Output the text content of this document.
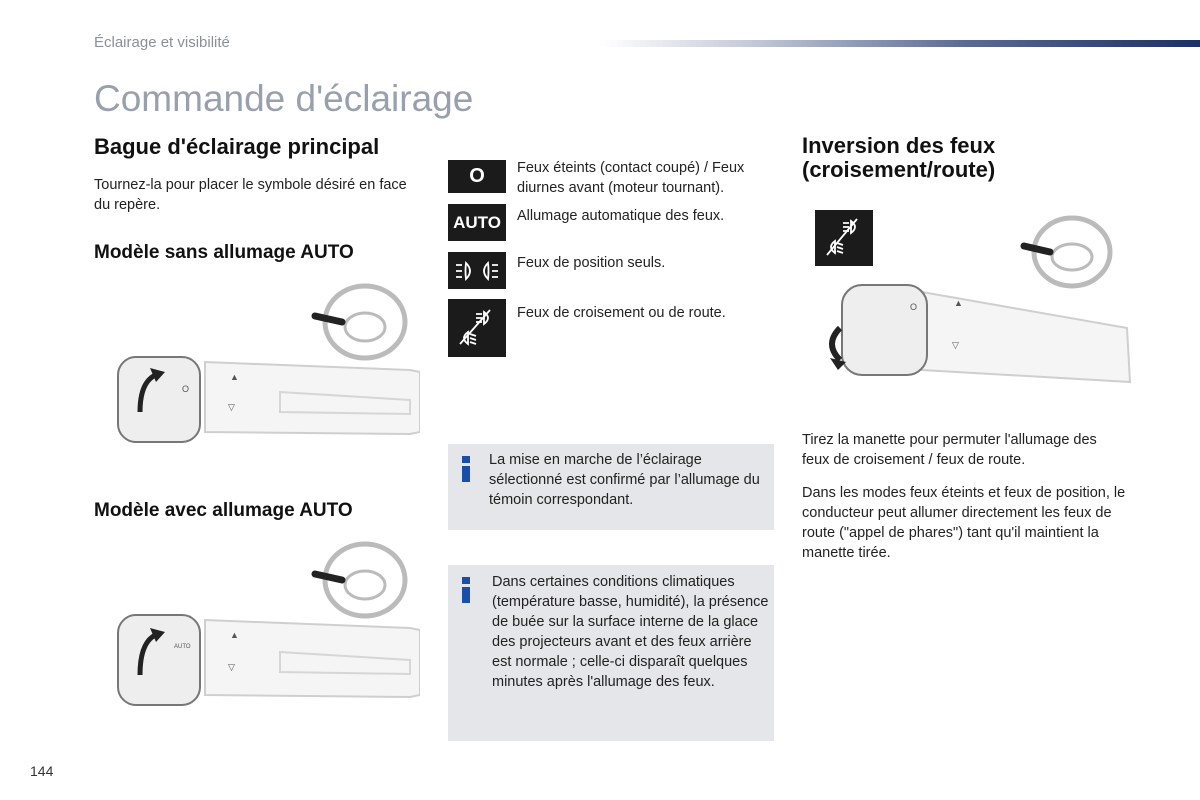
Éclairage et visibilité
Commande d'éclairage
Bague d'éclairage principal

Tournez-la pour placer le symbole désiré en face du repère.

Modèle sans allumage AUTO
O
▲
▽
Modèle avec allumage AUTO
AUTO
▲
▽
O Feux éteints (contact coupé) / Feux diurnes avant (moteur tournant).

AUTO Allumage automatique des feux.

Feux de position seuls.

Feux de croisement ou de route.

La mise en marche de l’éclairage sélectionné est confirmé par l’allumage du témoin correspondant.

Dans certaines conditions climatiques (température basse, humidité), la présence de buée sur la surface interne de la glace des projecteurs avant et des feux arrière est normale ; celle-ci disparaît quelques minutes après l'allumage des feux.

Inversion des feux
(croisement/route)
O	▲
▽

Tirez la manette pour permuter l'allumage des feux de croisement / feux de route.

Dans les modes feux éteints et feux de position, le conducteur peut allumer directement les feux de route ("appel de phares") tant qu'il maintient la manette tirée.

144
